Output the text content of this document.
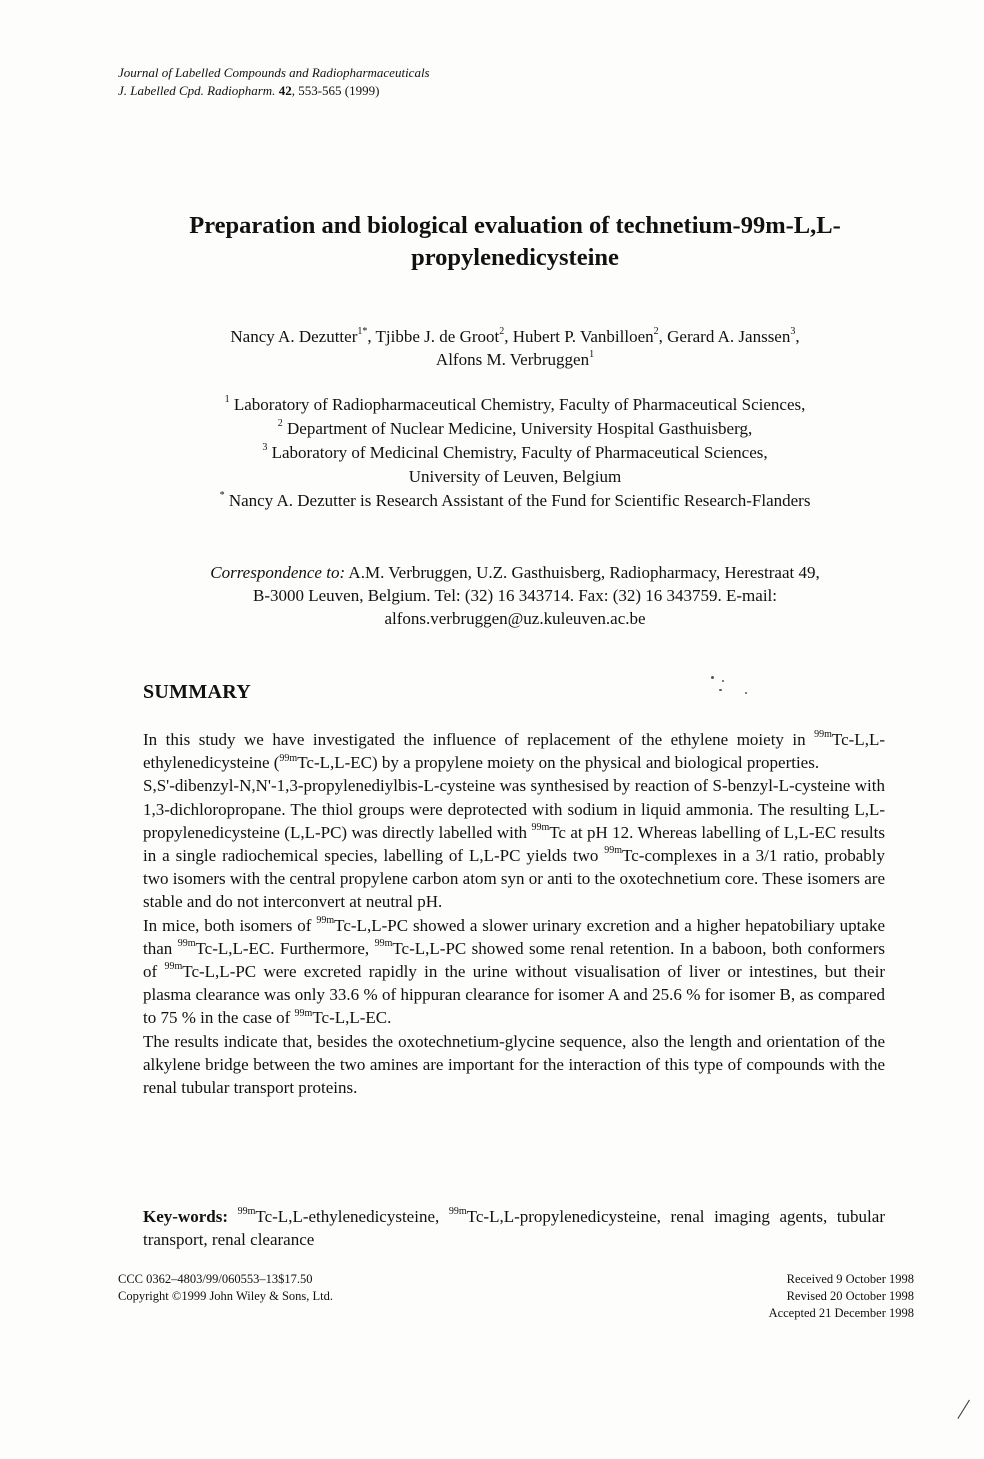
Journal of Labelled Compounds and Radiopharmaceuticals
J. Labelled Cpd. Radiopharm. 42, 553-565 (1999)
Preparation and biological evaluation of technetium-99m-L,L-
propylenedicysteine
Nancy A. Dezutter$^{1*}$, Tjibbe J. de Groot$^2$, Hubert P. Vanbilloen$^2$, Gerard A. Janssen$^3$,
Alfons M. Verbruggen$^1$
$^1$ Laboratory of Radiopharmaceutical Chemistry, Faculty of Pharmaceutical Sciences,
$^2$ Department of Nuclear Medicine, University Hospital Gasthuisberg,
$^3$ Laboratory of Medicinal Chemistry, Faculty of Pharmaceutical Sciences,
University of Leuven, Belgium
* Nancy A. Dezutter is Research Assistant of the Fund for Scientific Research-Flanders
Correspondence to: A.M. Verbruggen, U.Z. Gasthuisberg, Radiopharmacy, Herestraat 49,
B-3000 Leuven, Belgium. Tel: (32) 16 343714. Fax: (32) 16 343759. E-mail:
alfons.verbruggen@uz.kuleuven.ac.be
SUMMARY

In this study we have investigated the influence of replacement of the ethylene moiety in $^{99m}$Tc-L,L-ethylenedicysteine ($^{99m}$Tc-L,L-EC) by a propylene moiety on the physical and biological properties.

S,S'-dibenzyl-N,N'-1,3-propylenediylbis-L-cysteine was synthesised by reaction of S-benzyl-L-cysteine with 1,3-dichloropropane. The thiol groups were deprotected with sodium in liquid ammonia. The resulting L,L-propylenedicysteine (L,L-PC) was directly labelled with $^{99m}$Tc at pH 12. Whereas labelling of L,L-EC results in a single radiochemical species, labelling of L,L-PC yields two $^{99m}$Tc-complexes in a 3/1 ratio, probably two isomers with the central propylene carbon atom syn or anti to the oxotechnetium core. These isomers are stable and do not interconvert at neutral pH.

In mice, both isomers of $^{99m}$Tc-L,L-PC showed a slower urinary excretion and a higher hepatobiliary uptake than $^{99m}$Tc-L,L-EC. Furthermore, $^{99m}$Tc-L,L-PC showed some renal retention. In a baboon, both conformers of $^{99m}$Tc-L,L-PC were excreted rapidly in the urine without visualisation of liver or intestines, but their plasma clearance was only 33.6 % of hippuran clearance for isomer A and 25.6 % for isomer B, as compared to 75 % in the case of $^{99m}$Tc-L,L-EC.

The results indicate that, besides the oxotechnetium-glycine sequence, also the length and orientation of the alkylene bridge between the two amines are important for the interaction of this type of compounds with the renal tubular transport proteins.

Key-words: $^{99m}$Tc-L,L-ethylenedicysteine, $^{99m}$Tc-L,L-propylenedicysteine, renal imaging agents, tubular transport, renal clearance
CCC 0362–4803/99/060553–13$17.50
Copyright ©1999 John Wiley & Sons, Ltd.
Received 9 October 1998
Revised 20 October 1998
Accepted 21 December 1998
